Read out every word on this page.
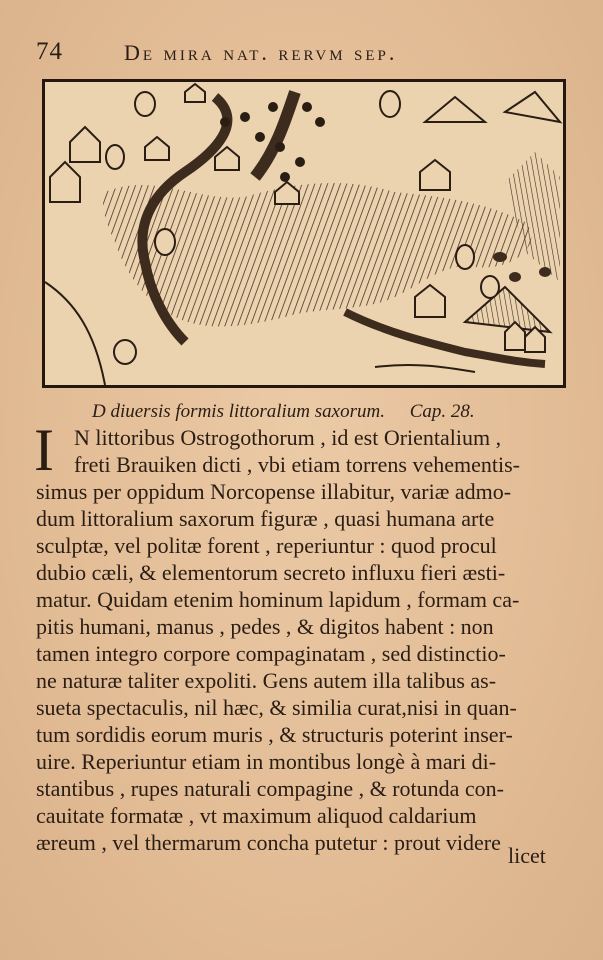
74	De mira nat. rervm sep.
D diuersis formis littoralium saxorum. Cap. 28.
I N littoribus Ostrogothorum , id est Orientalium ,
freti Brauiken dicti , vbi etiam torrens vehementis-
simus per oppidum Norcopense illabitur, variæ admo-
dum littoralium saxorum figuræ , quasi humana arte
sculptæ, vel politæ forent , reperiuntur : quod procul
dubio cæli, & elementorum secreto influxu fieri æsti-
matur. Quidam etenim hominum lapidum , formam ca-
pitis humani, manus , pedes , & digitos habent : non
tamen integro corpore compaginatam , sed distinctio-
ne naturæ taliter expoliti. Gens autem illa talibus as-
sueta spectaculis, nil hæc, & similia curat,nisi in quan-
tum sordidis eorum muris , & structuris poterint inser-
uire. Reperiuntur etiam in montibus longè à mari di-
stantibus , rupes naturali compagine , & rotunda con-
cauitate formatæ , vt maximum aliquod caldarium
æreum , vel thermarum concha putetur : prout videre
licet
